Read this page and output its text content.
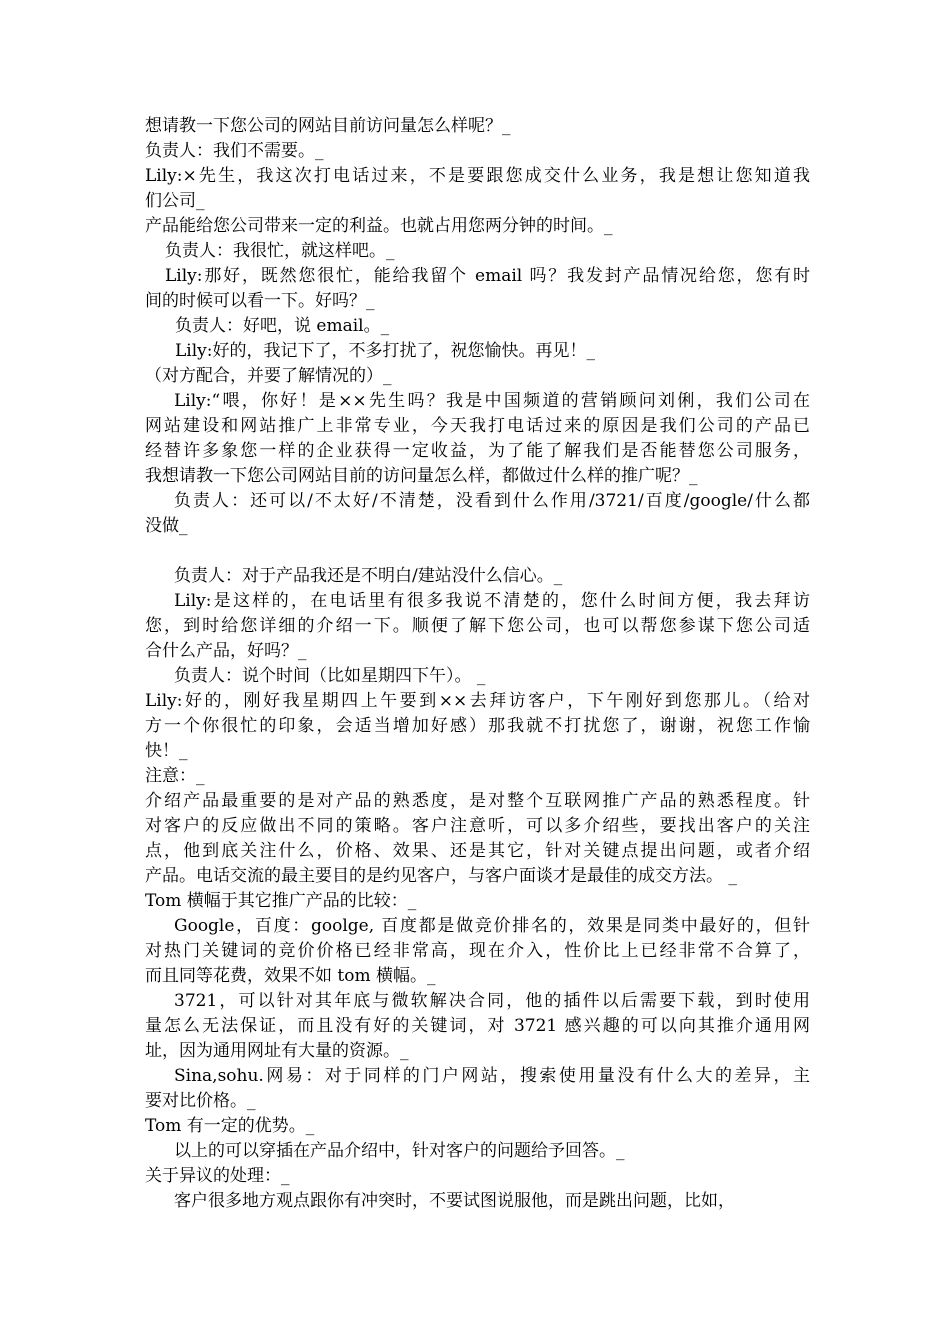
想请教一下您公司的网站目前访问量怎么样呢？_

负责人：我们不需要。_

Lily:×先生，我这次打电话过来，不是要跟您成交什么业务，我是想让您知道我

们公司_

产品能给您公司带来一定的利益。也就占用您两分钟的时间。_

负责人：我很忙，就这样吧。_

Lily:那好，既然您很忙，能给我留个 email 吗？我发封产品情况给您，您有时

间的时候可以看一下。好吗？_

负责人：好吧，说 email。_

Lily:好的，我记下了，不多打扰了，祝您愉快。再见！_

（对方配合，并要了解情况的）_

Lily:“喂，你好！是××先生吗？我是中国频道的营销顾问刘俐，我们公司在

网站建设和网站推广上非常专业，今天我打电话过来的原因是我们公司的产品已

经替许多象您一样的企业获得一定收益，为了能了解我们是否能替您公司服务，

我想请教一下您公司网站目前的访问量怎么样，都做过什么样的推广呢？_

负责人：还可以/不太好/不清楚，没看到什么作用/3721/百度/google/什么都

没做_

负责人：对于产品我还是不明白/建站没什么信心。_

Lily:是这样的，在电话里有很多我说不清楚的，您什么时间方便，我去拜访

您，到时给您详细的介绍一下。顺便了解下您公司，也可以帮您参谋下您公司适

合什么产品，好吗？_

负责人：说个时间（比如星期四下午）。 _

Lily:好的，刚好我星期四上午要到××去拜访客户，下午刚好到您那儿。（给对

方一个你很忙的印象，会适当增加好感）那我就不打扰您了，谢谢，祝您工作愉

快！_

注意：_

介绍产品最重要的是对产品的熟悉度，是对整个互联网推广产品的熟悉程度。针

对客户的反应做出不同的策略。客户注意听，可以多介绍些，要找出客户的关注

点，他到底关注什么，价格、效果、还是其它，针对关键点提出问题，或者介绍

产品。电话交流的最主要目的是约见客户，与客户面谈才是最佳的成交方法。 _

Tom 横幅于其它推广产品的比较：_

Google，百度：goolge, 百度都是做竞价排名的，效果是同类中最好的，但针

对热门关键词的竞价价格已经非常高，现在介入，性价比上已经非常不合算了，

而且同等花费，效果不如 tom 横幅。_

3721，可以针对其年底与微软解决合同，他的插件以后需要下载，到时使用

量怎么无法保证，而且没有好的关键词，对 3721 感兴趣的可以向其推介通用网

址，因为通用网址有大量的资源。_

Sina,sohu.网易：对于同样的门户网站，搜索使用量没有什么大的差异，主

要对比价格。_

Tom 有一定的优势。_

以上的可以穿插在产品介绍中，针对客户的问题给予回答。_

关于异议的处理：_

客户很多地方观点跟你有冲突时，不要试图说服他，而是跳出问题，比如，
